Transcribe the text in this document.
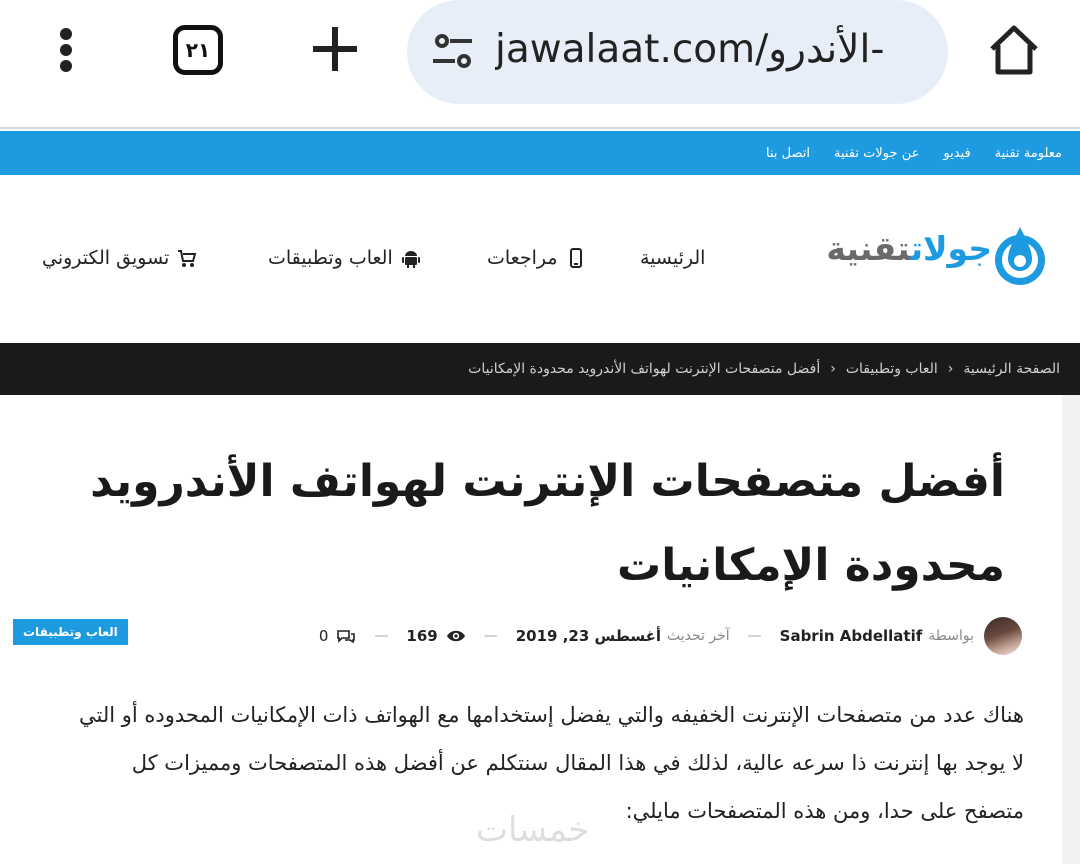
٢١	jawalaat.com/الأندرو-
معلومة تقنية
فيديو
عن جولات تقنية
اتصل بنا
جولاتتقنية
الرئيسية
مراجعات
العاب وتطبيقات
تسويق الكتروني
الصفحة الرئيسية
‹
العاب وتطبيقات
‹
أفضل متصفحات الإنترنت لهواتف الأندرويد محدودة الإمكانيات
أفضل متصفحات الإنترنت لهواتف الأندرويد محدودة الإمكانيات
بواسطة
Sabrin Abdellatif
—
آخر تحديث
أغسطس 23, 2019
—
169
—
0
العاب وتطبيقات

هناك عدد من متصفحات الإنترنت الخفيفه والتي يفضل إستخدامها مع الهواتف ذات الإمكانيات المحدوده أو التي لا يوجد بها إنترنت ذا سرعه عالية، لذلك في هذا المقال سنتكلم عن أفضل هذه المتصفحات ومميزات كل متصفح على حدا، ومن هذه المتصفحات مايلي:

خمسات
